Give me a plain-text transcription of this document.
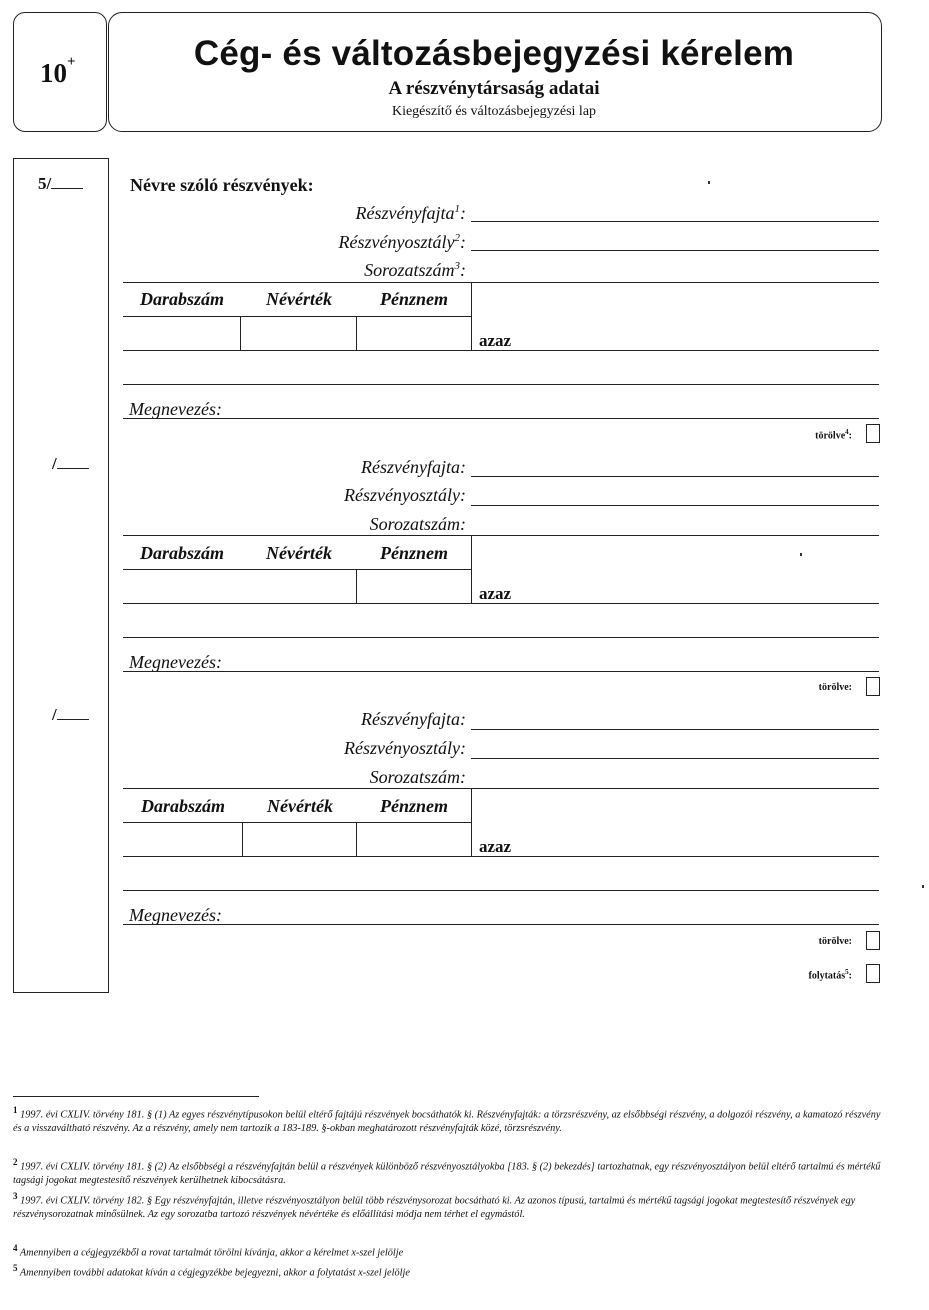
10+	Cég- és változásbejegyzési kérelem
A részvénytársaság adatai
Kiegészítő és változásbejegyzési lap
5/
/
/
Névre szóló részvények:
Részvényfajta$^1$:
Részvényosztály$^2$:
Sorozatszám$^3$:
Darabszám	Névérték	Pénznem
azaz
Megnevezés:
törölve$^4$:
Részvényfajta:
Részvényosztály:
Sorozatszám:
Darabszám	Névérték	Pénznem
azaz
Megnevezés:
törölve:
Részvényfajta:
Részvényosztály:
Sorozatszám:
Darabszám	Névérték	Pénznem
azaz
Megnevezés:
törölve:
folytatás$^5$:
$^1$ 1997. évi CXLIV. törvény 181. § (1) Az egyes részvénytípusokon belül eltérő fajtájú részvények bocsáthatók ki. Részvényfajták: a törzsrészvény, az elsőbbségi részvény, a dolgozói részvény, a kamatozó részvény és a visszaváltható részvény. Az a részvény, amely nem tartozik a 183-189. §-okban meghatározott részvényfajták közé, törzsrészvény.
$^2$ 1997. évi CXLIV. törvény 181. § (2) Az elsőbbségi a részvényfajtán belül a részvények különböző részvényosztályokba [183. § (2) bekezdés] tartozhatnak, egy részvényosztályon belül eltérő tartalmú és mértékű tagsági jogokat megtestesítő részvények kerülhetnek kibocsátásra.
$^3$ 1997. évi CXLIV. törvény 182. § Egy részvényfajtán, illetve részvényosztályon belül több részvénysorozat bocsátható ki. Az azonos típusú, tartalmú és mértékű tagsági jogokat megtestesítő részvények egy részvénysorozatnak minősülnek. Az egy sorozatba tartozó részvények névértéke és előállítási módja nem térhet el egymástól.
$^4$ Amennyiben a cégjegyzékből a rovat tartalmát törölni kívánja, akkor a kérelmet x-szel jelölje
$^5$ Amennyiben további adatokat kíván a cégjegyzékbe bejegyezni, akkor a folytatást x-szel jelölje
